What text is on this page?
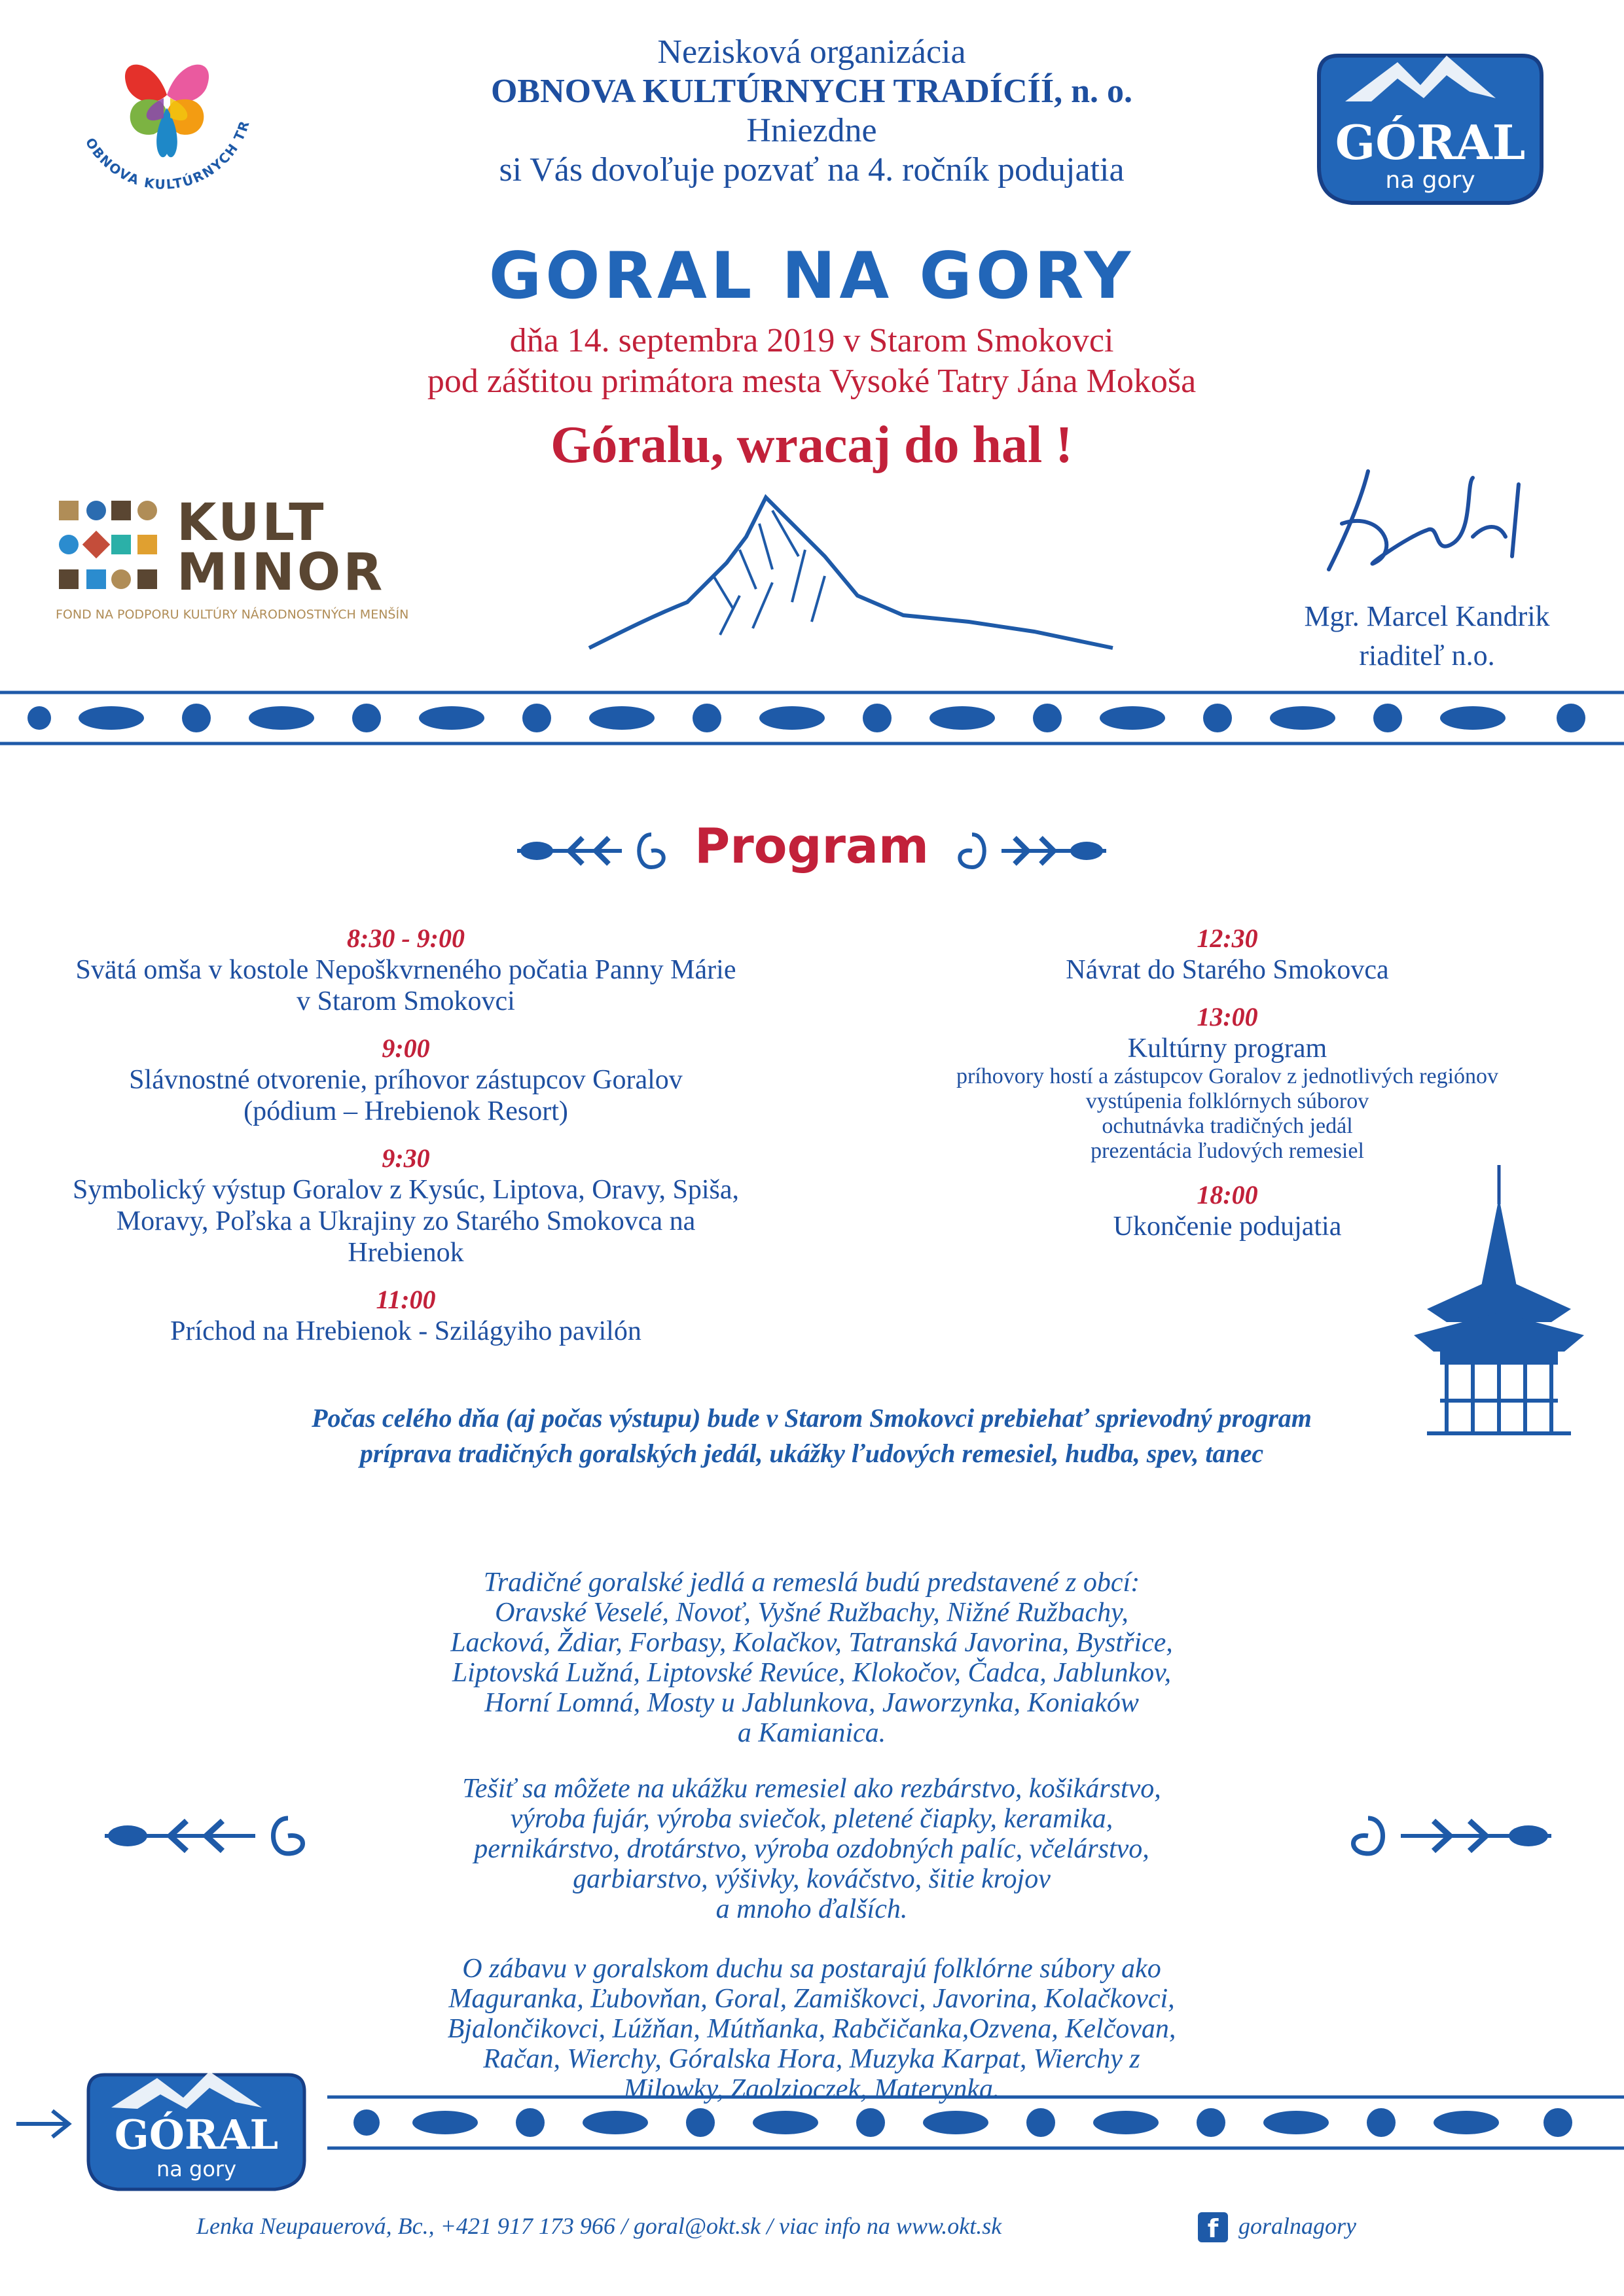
OBNOVA KULTÚRNYCH TR	GÓRAL
na gory
Nezisková organizácia
OBNOVA KULTÚRNYCH TRADÍCÍÍ, n. o.
Hniezdne
si Vás dovoľuje pozvať na 4. ročník podujatia
GORAL NA GORY
dňa 14. septembra 2019 v Starom Smokovci
pod záštitou primátora mesta Vysoké Tatry Jána Mokoša
Góralu, wracaj do hal !
KULT
MINOR
FOND NA PODPORU KULTÚRY NÁRODNOSTNÝCH MENŠÍN	Mgr. Marcel Kandrik
riaditeľ n.o.
Program
8:30 - 9:00
Svätá omša v kostole Nepoškvrneného počatia Panny Márie
v Starom Smokovci
9:00
Slávnostné otvorenie, príhovor zástupcov Goralov
(pódium – Hrebienok Resort)
9:30
Symbolický výstup Goralov z Kysúc, Liptova, Oravy, Spiša,
Moravy, Poľska a Ukrajiny zo Starého Smokovca na
Hrebienok
11:00
Príchod na Hrebienok - Szilágyiho pavilón
12:30
Návrat do Starého Smokovca
13:00
Kultúrny program
príhovory hostí a zástupcov Goralov z jednotlivých regiónov
vystúpenia folklórnych súborov
ochutnávka tradičných jedál
prezentácia ľudových remesiel
18:00
Ukončenie podujatia
Počas celého dňa (aj počas výstupu) bude v Starom Smokovci prebiehať sprievodný program
príprava tradičných goralských jedál, ukážky ľudových remesiel, hudba, spev, tanec
Tradičné goralské jedlá a remeslá budú predstavené z obcí:
Oravské Veselé, Novoť, Vyšné Ružbachy, Nižné Ružbachy,
Lacková, Ždiar, Forbasy, Kolačkov, Tatranská Javorina, Bystřice,
Liptovská Lužná, Liptovské Revúce, Klokočov, Čadca, Jablunkov,
Horní Lomná, Mosty u Jablunkova, Jaworzynka, Koniaków
a Kamianica.
Tešiť sa môžete na ukážku remesiel ako rezbárstvo, košikárstvo,
výroba fujár, výroba sviečok, pletené čiapky, keramika,
pernikárstvo, drotárstvo, výroba ozdobných palíc, včelárstvo,
garbiarstvo, výšivky, kováčstvo, šitie krojov
a mnoho ďalších.
O zábavu v goralskom duchu sa postarajú folklórne súbory ako
Maguranka, Ľubovňan, Goral, Zamiškovci, Javorina, Kolačkovci,
Bjalončikovci, Lúžňan, Mútňanka, Rabčičanka,Ozvena, Kelčovan,
Račan, Wierchy, Góralska Hora, Muzyka Karpat, Wierchy z
Milowky, Zaolzioczek, Materynka.
GÓRAL
na gory
Lenka Neupauerová, Bc., +421 917 173 966 / goral@okt.sk / viac info na www.okt.sk	f goralnagory
